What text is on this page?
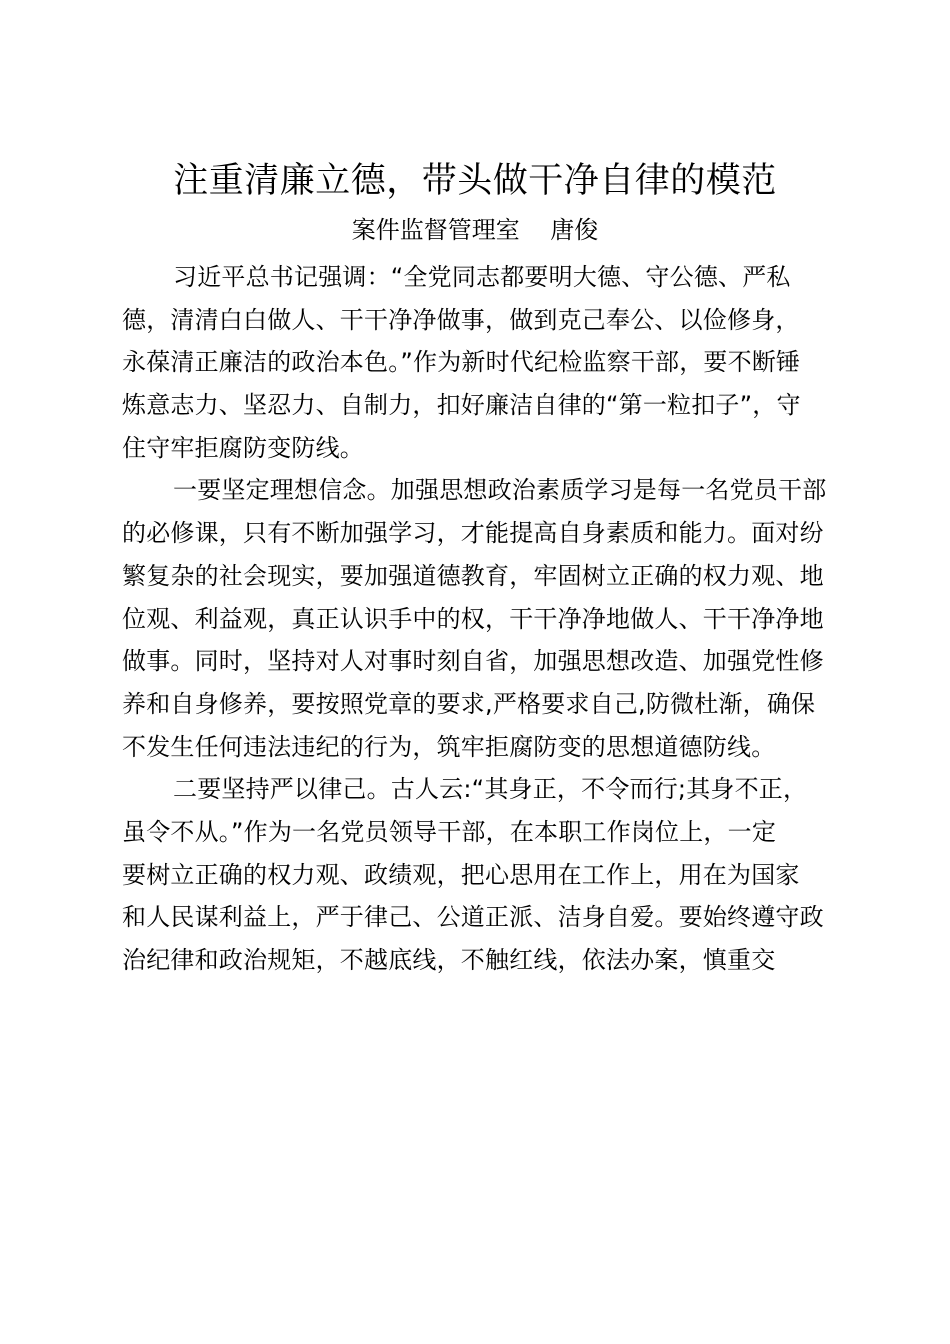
注重清廉立德，带头做干净自律的模范
案件监督管理室    唐俊
习近平总书记强调：“全党同志都要明大德、守公德、严私
德，清清白白做人、干干净净做事，做到克己奉公、以俭修身，
永葆清正廉洁的政治本色。”作为新时代纪检监察干部，要不断锤
炼意志力、坚忍力、自制力，扣好廉洁自律的“第一粒扣子”，守
住守牢拒腐防变防线。
一要坚定理想信念。加强思想政治素质学习是每一名党员干部
的必修课，只有不断加强学习，才能提高自身素质和能力。面对纷
繁复杂的社会现实，要加强道德教育，牢固树立正确的权力观、地
位观、利益观，真正认识手中的权，干干净净地做人、干干净净地
做事。同时，坚持对人对事时刻自省，加强思想改造、加强党性修
养和自身修养，要按照党章的要求,严格要求自己,防微杜渐，确保
不发生任何违法违纪的行为，筑牢拒腐防变的思想道德防线。
二要坚持严以律己。古人云:“其身正，不令而行;其身不正，
虽令不从。”作为一名党员领导干部，在本职工作岗位上，一定
要树立正确的权力观、政绩观，把心思用在工作上，用在为国家
和人民谋利益上，严于律己、公道正派、洁身自爱。要始终遵守政
治纪律和政治规矩，不越底线，不触红线，依法办案，慎重交
